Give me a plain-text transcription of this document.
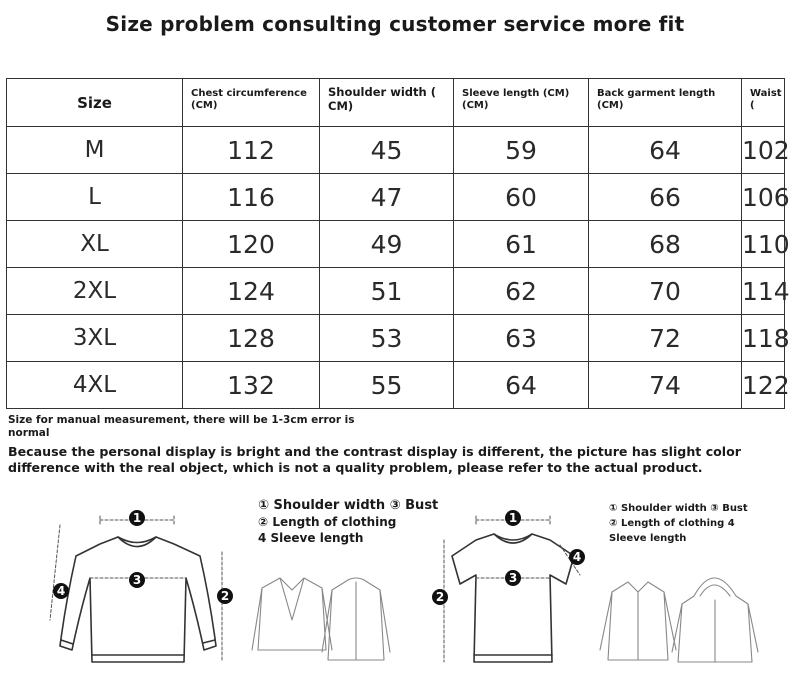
Size problem consulting customer service more fit
Size	Chest circumference (CM)	Shoulder width ( CM)	Sleeve length (CM) (CM)	Back garment length (CM)	Waist (
M	112	45	59	64	102
L	116	47	60	66	106
XL	120	49	61	68	110
2XL	124	51	62	70	114
3XL	128	53	63	72	118
4XL	132	55	64	74	122
Size for manual measurement, there will be 1-3cm error is normal
Because the personal display is bright and the contrast display is different, the picture has slight color difference with the real object, which is not a quality problem, please refer to the actual product.
① Shoulder width ③ Bust
② Length of clothing
4 Sleeve length
① Shoulder width ③ Bust
② Length of clothing 4
Sleeve length
1
3
2
4
1
3
2
4
